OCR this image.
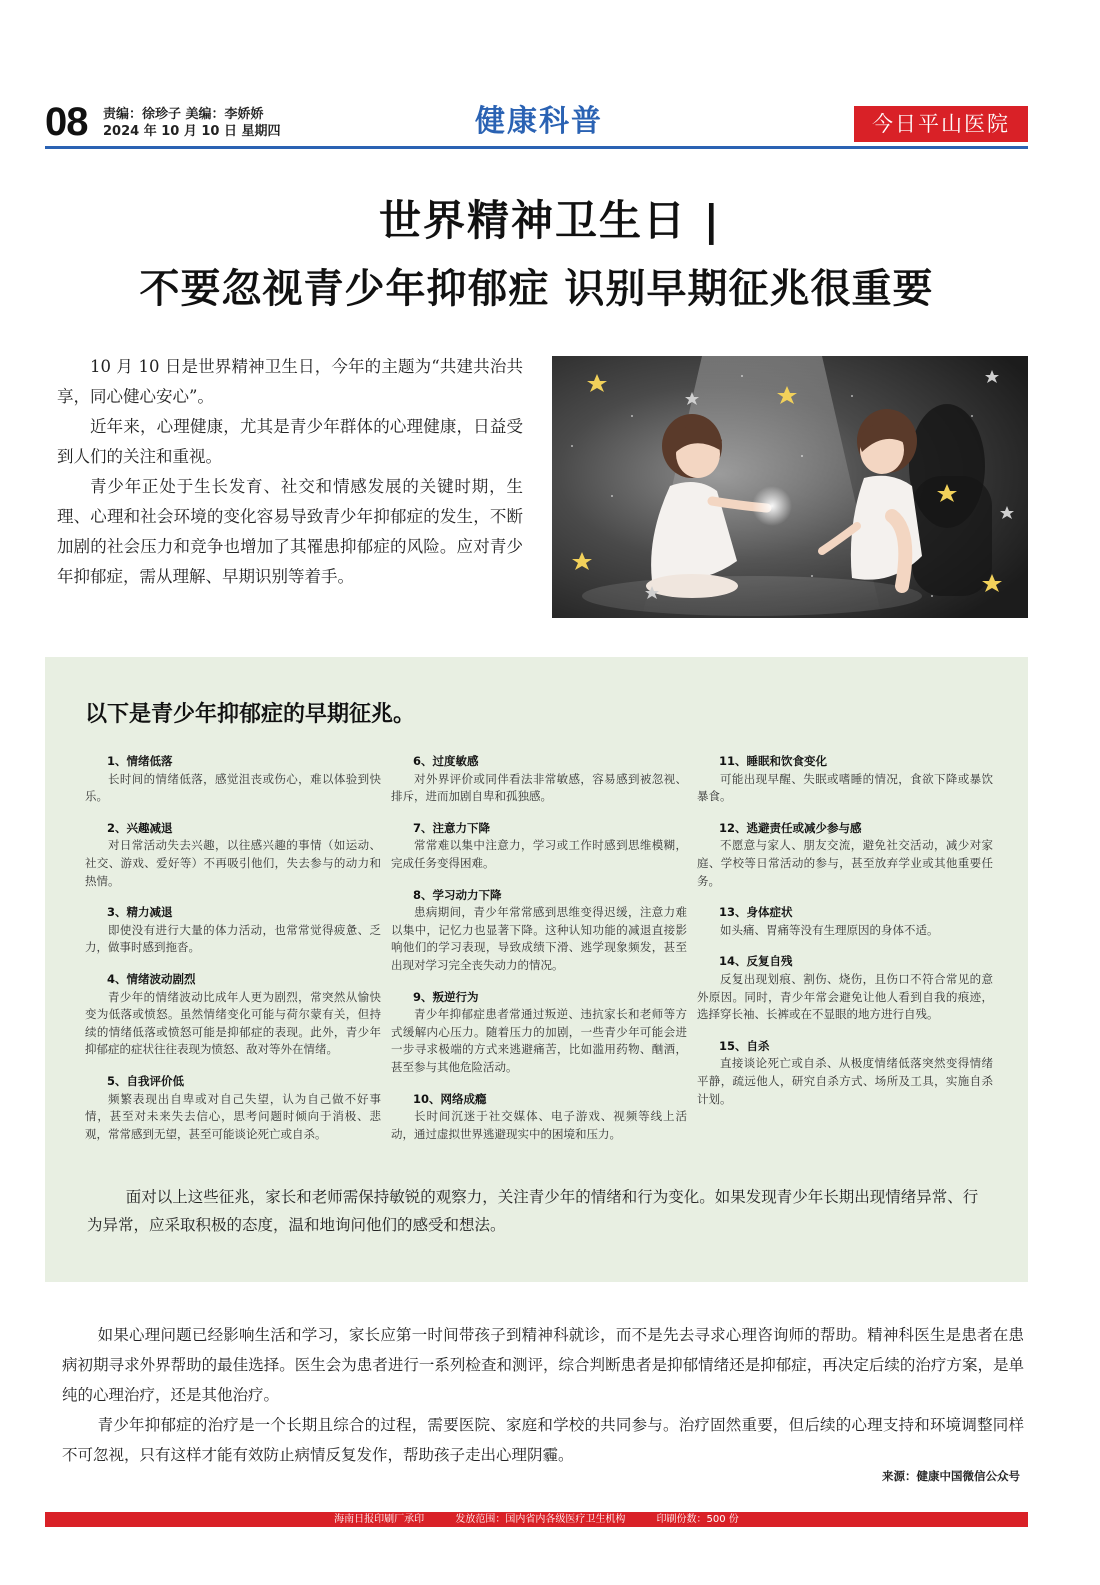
08 责编：徐珍子 美编：李娇娇
2024 年 10 月 10 日 星期四	健康科普	今日平山医院
世界精神卫生日 |
不要忽视青少年抑郁症 识别早期征兆很重要

10 月 10 日是世界精神卫生日，今年的主题为“共建共治共享，同心健心安心”。

近年来，心理健康，尤其是青少年群体的心理健康，日益受到人们的关注和重视。

青少年正处于生长发育、社交和情感发展的关键时期，生理、心理和社会环境的变化容易导致青少年抑郁症的发生，不断加剧的社会压力和竞争也增加了其罹患抑郁症的风险。应对青少年抑郁症，需从理解、早期识别等着手。

以下是青少年抑郁症的早期征兆。
1、情绪低落
长时间的情绪低落，感觉沮丧或伤心，难以体验到快乐。
2、兴趣减退
对日常活动失去兴趣，以往感兴趣的事情（如运动、社交、游戏、爱好等）不再吸引他们，失去参与的动力和热情。
3、精力减退
即使没有进行大量的体力活动，也常常觉得疲惫、乏力，做事时感到拖沓。
4、情绪波动剧烈
青少年的情绪波动比成年人更为剧烈，常突然从愉快变为低落或愤怒。虽然情绪变化可能与荷尔蒙有关，但持续的情绪低落或愤怒可能是抑郁症的表现。此外，青少年抑郁症的症状往往表现为愤怒、敌对等外在情绪。
5、自我评价低
频繁表现出自卑或对自己失望，认为自己做不好事情，甚至对未来失去信心，思考问题时倾向于消极、悲观，常常感到无望，甚至可能谈论死亡或自杀。
6、过度敏感
对外界评价或同伴看法非常敏感，容易感到被忽视、排斥，进而加剧自卑和孤独感。
7、注意力下降
常常难以集中注意力，学习或工作时感到思维模糊，完成任务变得困难。
8、学习动力下降
患病期间，青少年常常感到思维变得迟缓，注意力难以集中，记忆力也显著下降。这种认知功能的减退直接影响他们的学习表现，导致成绩下滑、逃学现象频发，甚至出现对学习完全丧失动力的情况。
9、叛逆行为
青少年抑郁症患者常通过叛逆、违抗家长和老师等方式缓解内心压力。随着压力的加剧，一些青少年可能会进一步寻求极端的方式来逃避痛苦，比如滥用药物、酗酒，甚至参与其他危险活动。
10、网络成瘾
长时间沉迷于社交媒体、电子游戏、视频等线上活动，通过虚拟世界逃避现实中的困境和压力。
11、睡眠和饮食变化
可能出现早醒、失眠或嗜睡的情况，食欲下降或暴饮暴食。
12、逃避责任或减少参与感
不愿意与家人、朋友交流，避免社交活动，减少对家庭、学校等日常活动的参与，甚至放弃学业或其他重要任务。
13、身体症状
如头痛、胃痛等没有生理原因的身体不适。
14、反复自残
反复出现划痕、割伤、烧伤，且伤口不符合常见的意外原因。同时，青少年常会避免让他人看到自我的痕迹，选择穿长袖、长裤或在不显眼的地方进行自残。
15、自杀
直接谈论死亡或自杀、从极度情绪低落突然变得情绪平静，疏远他人，研究自杀方式、场所及工具，实施自杀计划。
面对以上这些征兆，家长和老师需保持敏锐的观察力，关注青少年的情绪和行为变化。如果发现青少年长期出现情绪异常、行为异常，应采取积极的态度，温和地询问他们的感受和想法。

如果心理问题已经影响生活和学习，家长应第一时间带孩子到精神科就诊，而不是先去寻求心理咨询师的帮助。精神科医生是患者在患病初期寻求外界帮助的最佳选择。医生会为患者进行一系列检查和测评，综合判断患者是抑郁情绪还是抑郁症，再决定后续的治疗方案，是单纯的心理治疗，还是其他治疗。

青少年抑郁症的治疗是一个长期且综合的过程，需要医院、家庭和学校的共同参与。治疗固然重要，但后续的心理支持和环境调整同样不可忽视，只有这样才能有效防止病情反复发作，帮助孩子走出心理阴霾。

来源：健康中国微信公众号
海南日报印刷厂承印	发放范围：国内省内各级医疗卫生机构	印刷份数：500 份
